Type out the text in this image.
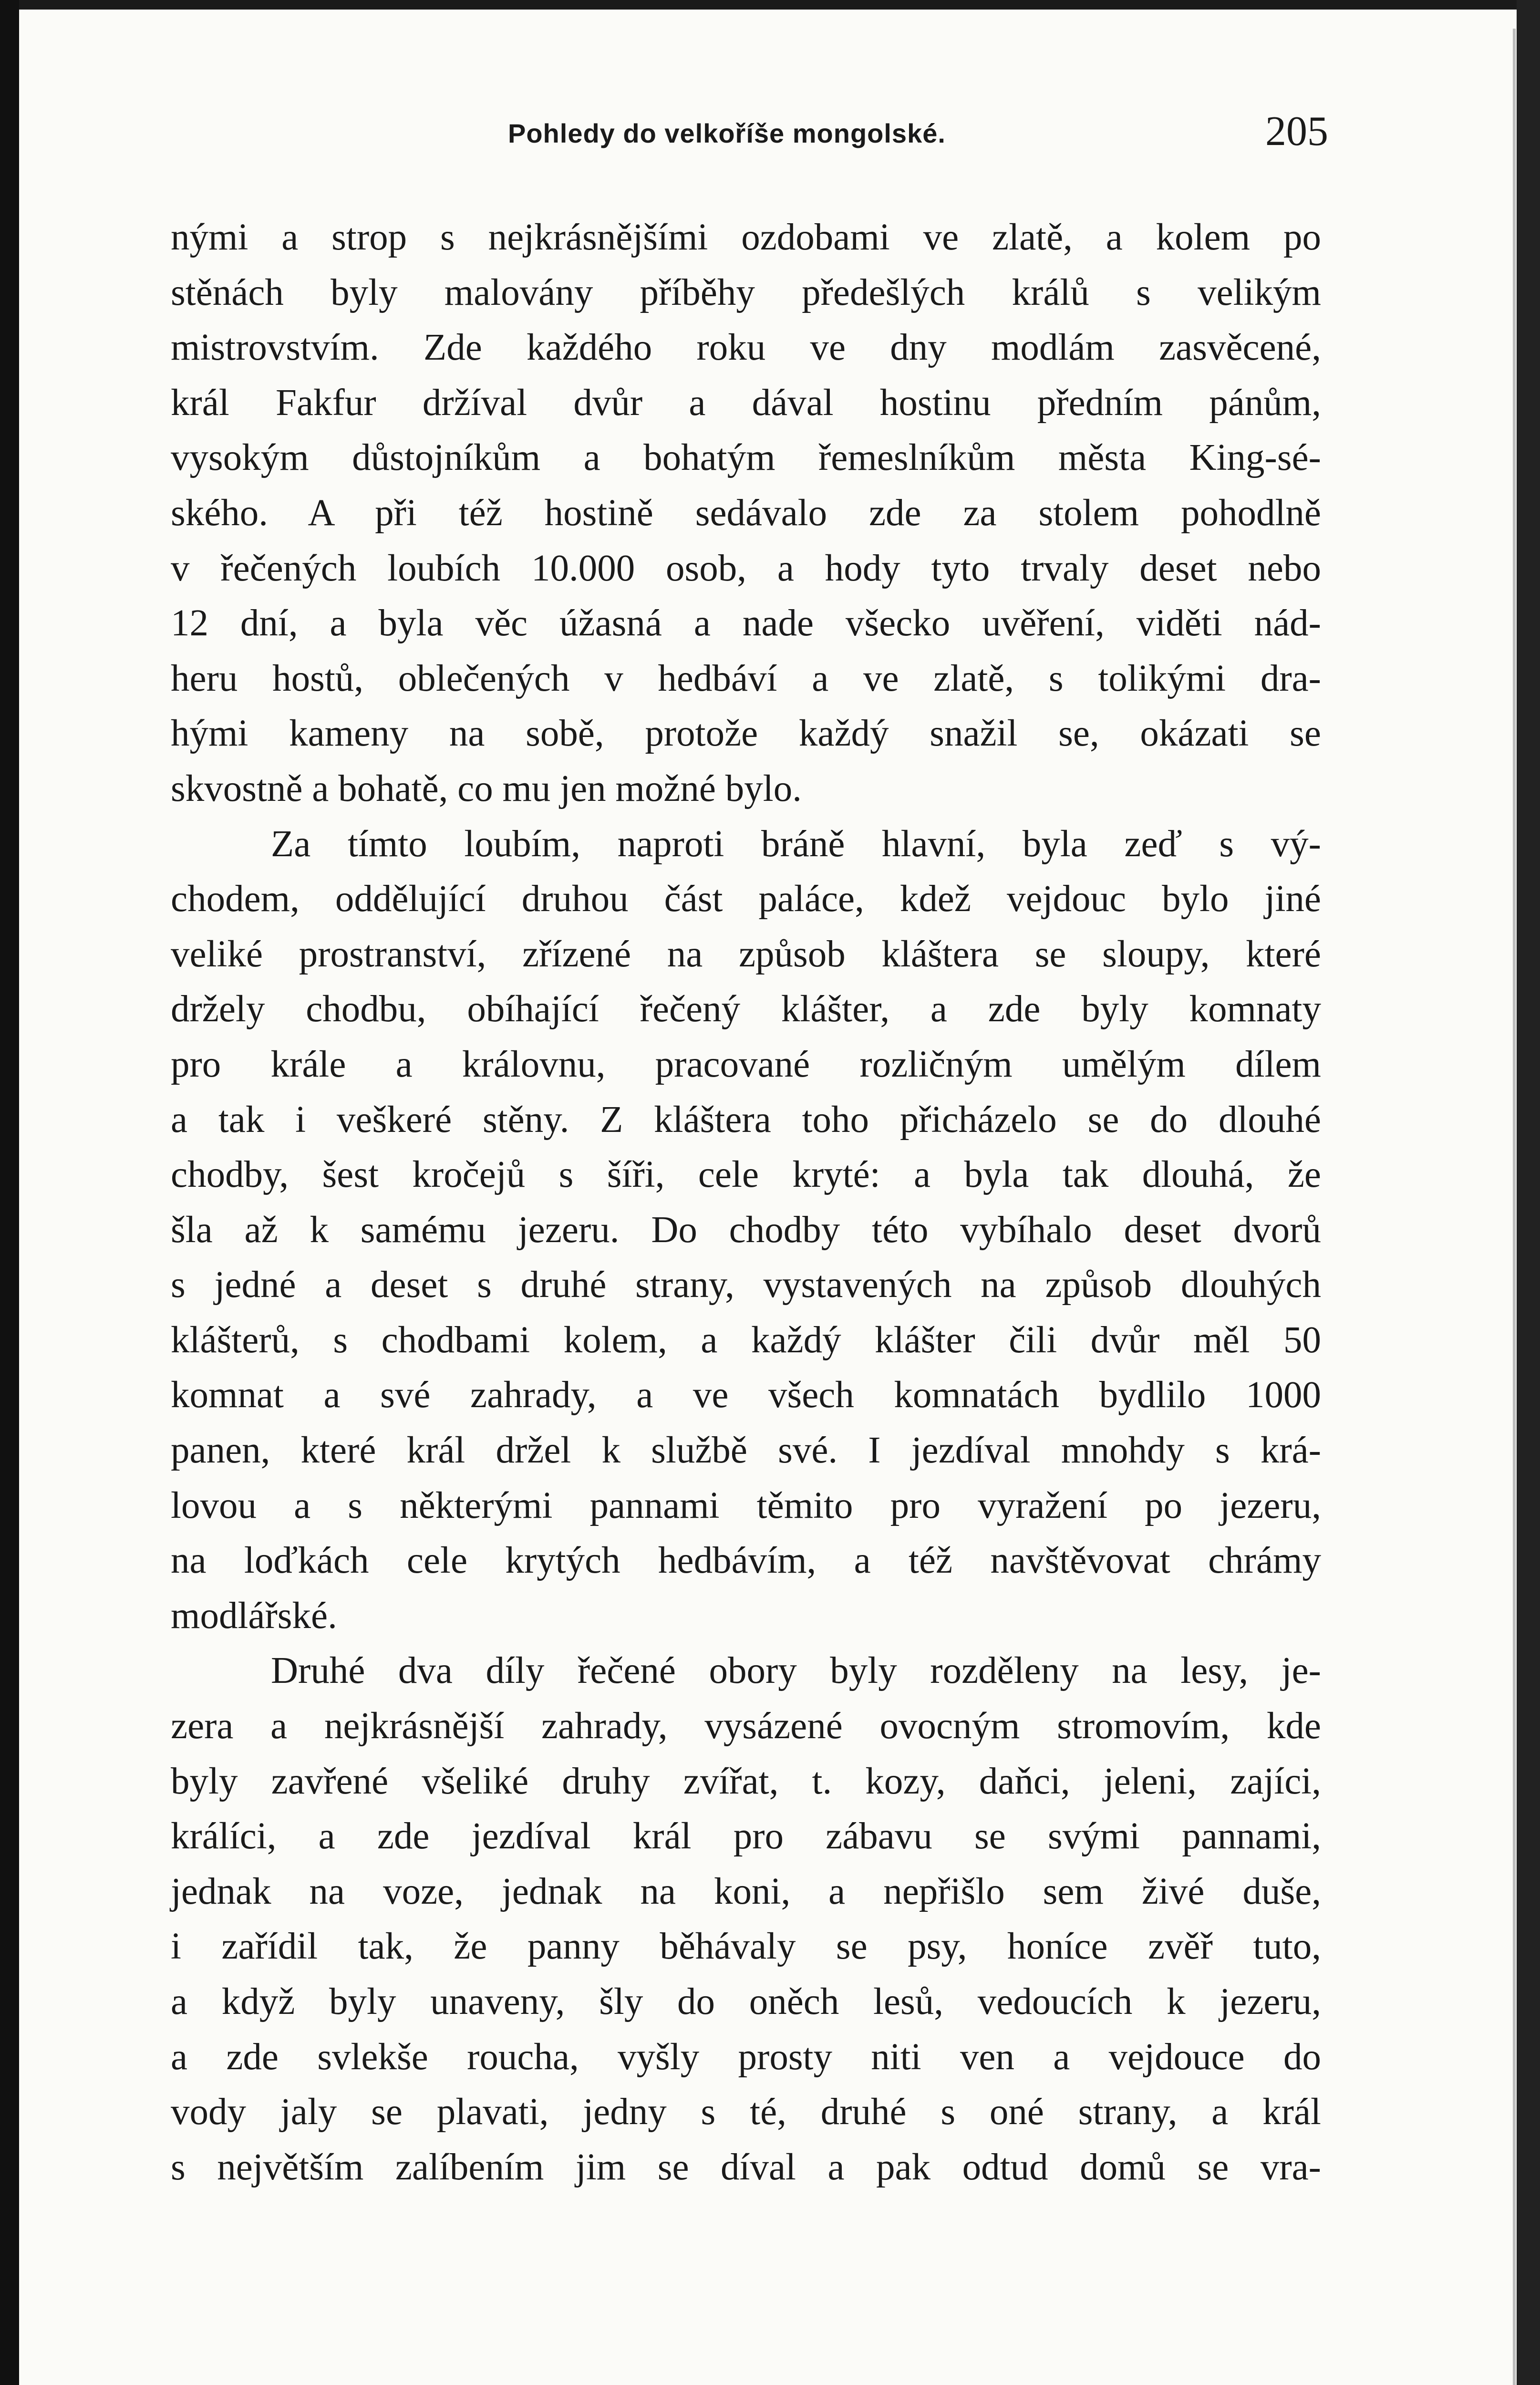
Pohledy do velkoříše mongolské.	205
nými a strop s nejkrásnějšími ozdobami ve zlatě, a kolem po
stěnách byly malovány příběhy předešlých králů s velikým
mistrovstvím. Zde každého roku ve dny modlám zasvěcené,
král Fakfur držíval dvůr a dával hostinu předním pánům,
vysokým důstojníkům a bohatým řemeslníkům města King-sé-
ského. A při též hostině sedávalo zde za stolem pohodlně
v řečených loubích 10.000 osob, a hody tyto trvaly deset nebo
12 dní, a byla věc úžasná a nade všecko uvěření, viděti nád-
heru hostů, oblečených v hedbáví a ve zlatě, s tolikými dra-
hými kameny na sobě, protože každý snažil se, okázati se
skvostně a bohatě, co mu jen možné bylo.
Za tímto loubím, naproti bráně hlavní, byla zeď s vý-
chodem, oddělující druhou část paláce, kdež vejdouc bylo jiné
veliké prostranství, zřízené na způsob kláštera se sloupy, které
držely chodbu, obíhající řečený klášter, a zde byly komnaty
pro krále a královnu, pracované rozličným umělým dílem
a tak i veškeré stěny. Z kláštera toho přicházelo se do dlouhé
chodby, šest kročejů s šíři, cele kryté: a byla tak dlouhá, že
šla až k samému jezeru. Do chodby této vybíhalo deset dvorů
s jedné a deset s druhé strany, vystavených na způsob dlouhých
klášterů, s chodbami kolem, a každý klášter čili dvůr měl 50
komnat a své zahrady, a ve všech komnatách bydlilo 1000
panen, které král držel k službě své. I jezdíval mnohdy s krá-
lovou a s některými pannami těmito pro vyražení po jezeru,
na loďkách cele krytých hedbávím, a též navštěvovat chrámy
modlářské.
Druhé dva díly řečené obory byly rozděleny na lesy, je-
zera a nejkrásnější zahrady, vysázené ovocným stromovím, kde
byly zavřené všeliké druhy zvířat, t. kozy, daňci, jeleni, zajíci,
králíci, a zde jezdíval král pro zábavu se svými pannami,
jednak na voze, jednak na koni, a nepřišlo sem živé duše,
i zařídil tak, že panny běhávaly se psy, honíce zvěř tuto,
a když byly unaveny, šly do oněch lesů, vedoucích k jezeru,
a zde svlekše roucha, vyšly prosty niti ven a vejdouce do
vody jaly se plavati, jedny s té, druhé s oné strany, a král
s největším zalíbením jim se díval a pak odtud domů se vra-
